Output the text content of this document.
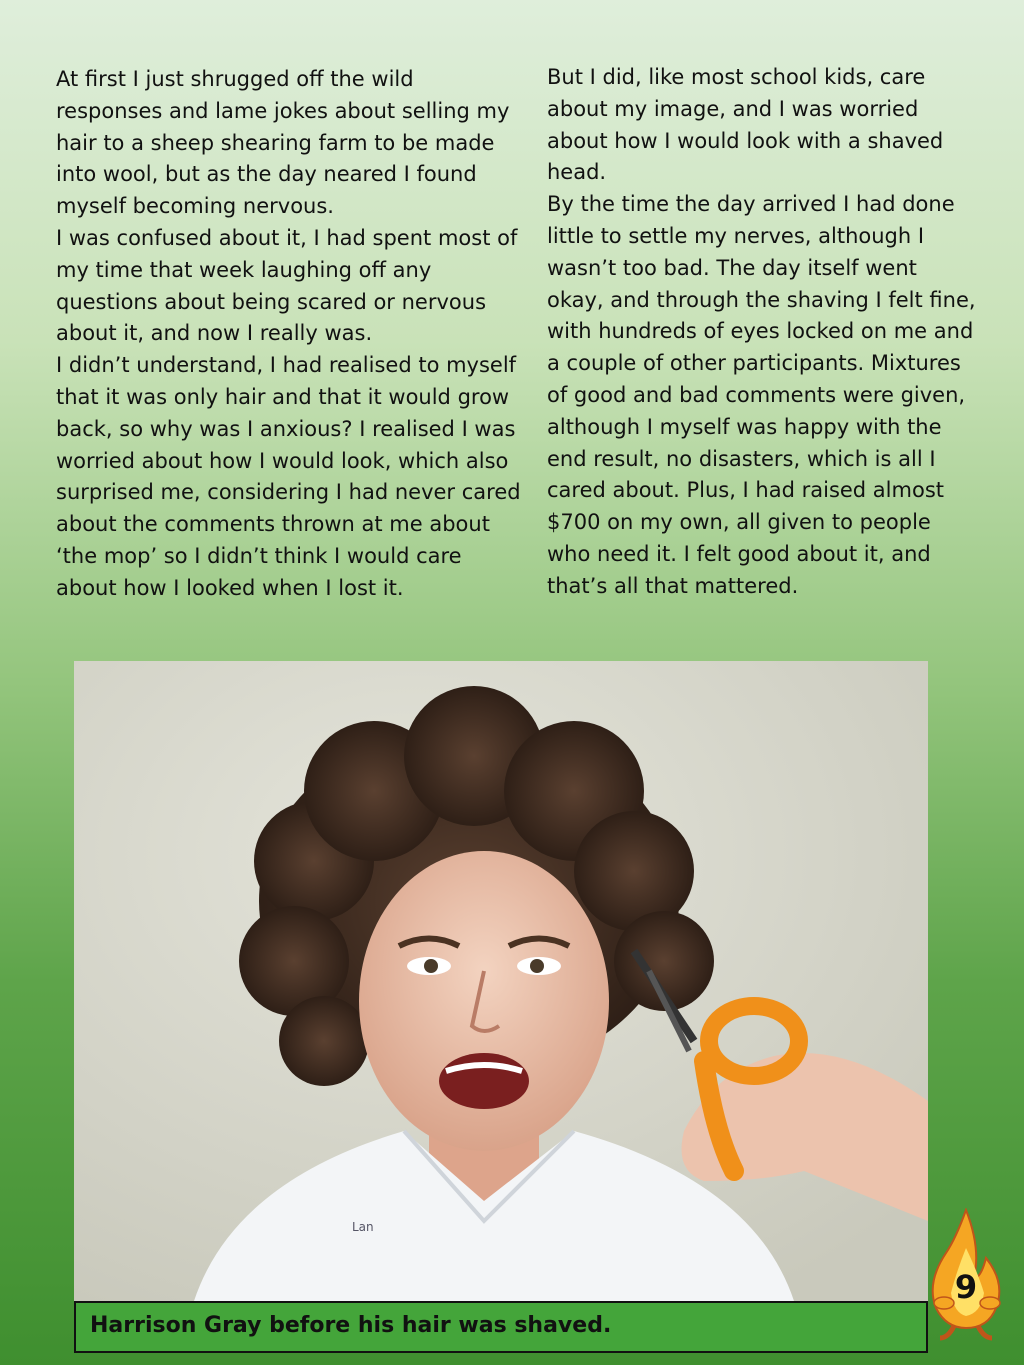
At first I just shrugged off the wild responses and lame jokes about selling my hair to a sheep shearing farm to be made into wool, but as the day neared I found myself becoming nervous.

I was confused about it, I had spent most of my time that week laughing off any questions about being scared or nervous about it, and now I really was.

I didn’t understand, I had realised to myself that it was only hair and that it would grow back, so why was I anxious? I realised I was worried about how I would look, which also surprised me, considering I had never cared about the comments thrown at me about ‘the mop’ so I didn’t think I would care about how I looked when I lost it.

But I did, like most school kids, care about my image, and I was worried about how I would look with a shaved head.

By the time the day arrived I had done little to settle my nerves, although I wasn’t too bad. The day itself went okay, and through the shaving I felt fine, with hundreds of eyes locked on me and a couple of other participants. Mixtures of good and bad comments were given, although I myself was happy with the end result, no disasters, which is all I cared about. Plus, I had raised almost $700 on my own, all given to people who need it. I felt good about it, and that’s all that mattered.

Lan
Harrison Gray before his hair was shaved.
9
